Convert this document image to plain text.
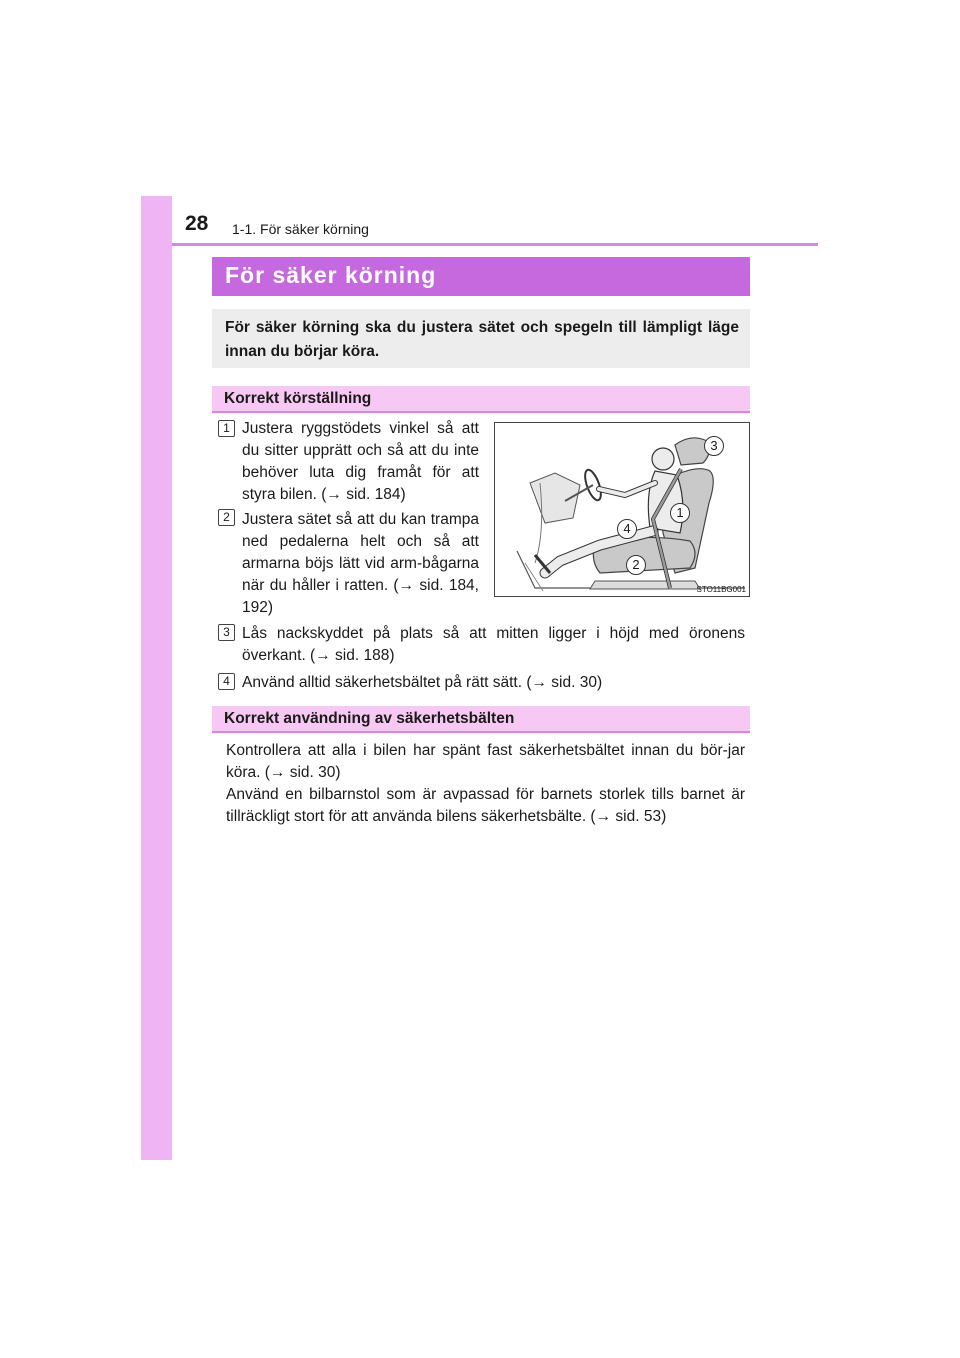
28 1-1. För säker körning
För säker körning

För säker körning ska du justera sätet och spegeln till lämpligt läge innan du börjar köra.

Korrekt körställning
1 Justera ryggstödets vinkel så att du sitter upprätt och så att du inte behöver luta dig framåt för att styra bilen. (→ sid. 184)
2 Justera sätet så att du kan trampa ned pedalerna helt och så att armarna böjs lätt vid arm-bågarna när du håller i ratten. (→ sid. 184, 192)
3
1
4
2
STO11BG001
3 Lås nackskyddet på plats så att mitten ligger i höjd med öronens överkant. (→ sid. 188)
4 Använd alltid säkerhetsbältet på rätt sätt. (→ sid. 30)
Korrekt användning av säkerhetsbälten
Kontrollera att alla i bilen har spänt fast säkerhetsbältet innan du bör-jar köra. (→ sid. 30)
Använd en bilbarnstol som är avpassad för barnets storlek tills barnet är tillräckligt stort för att använda bilens säkerhetsbälte. (→ sid. 53)
